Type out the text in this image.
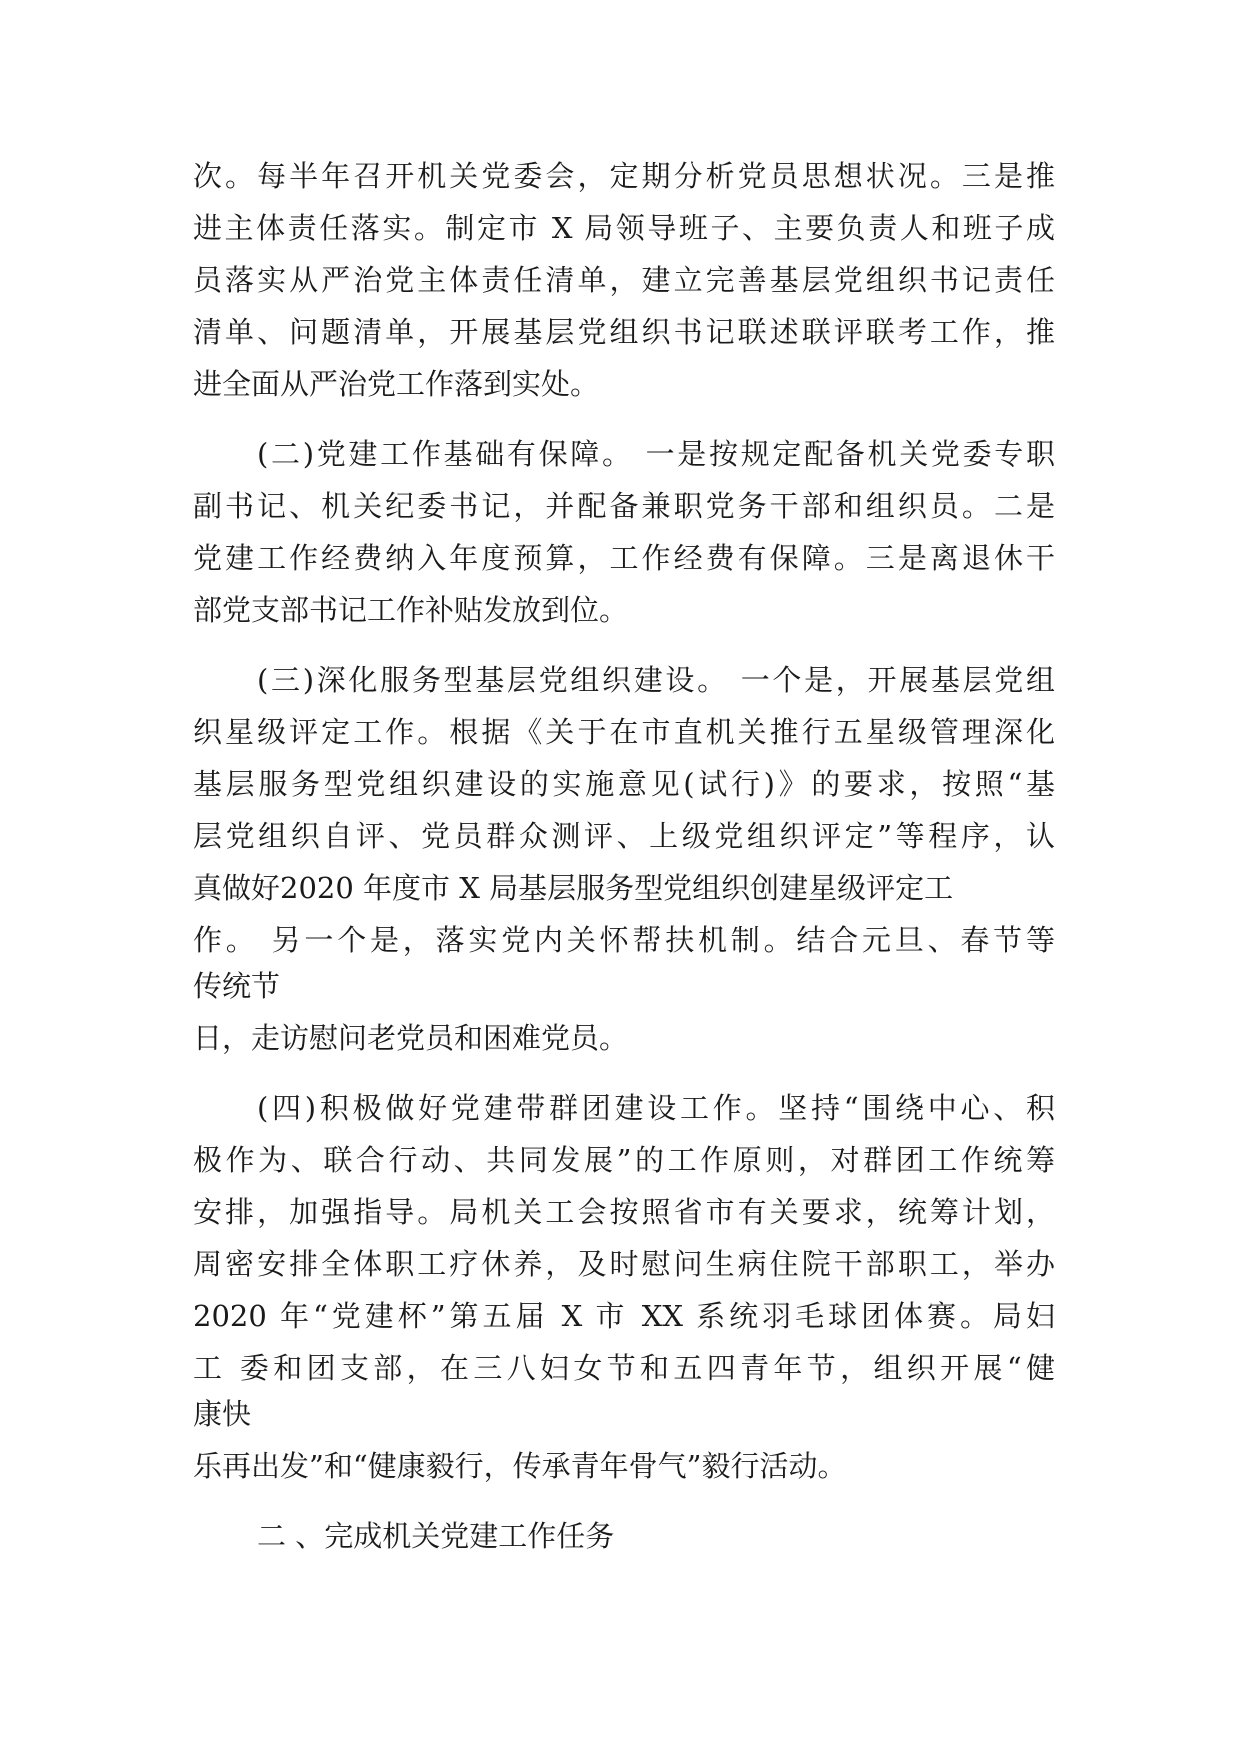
次。每半年召开机关党委会，定期分析党员思想状况。三是推
进主体责任落实。制定市 X 局领导班子、主要负责人和班子成
员落实从严治党主体责任清单，建立完善基层党组织书记责任
清单、问题清单，开展基层党组织书记联述联评联考工作，推
进全面从严治党工作落到实处。
(二)党建工作基础有保障。 一是按规定配备机关党委专职
副书记、机关纪委书记，并配备兼职党务干部和组织员。二是
党建工作经费纳入年度预算，工作经费有保障。三是离退休干
部党支部书记工作补贴发放到位。
(三)深化服务型基层党组织建设。 一个是，开展基层党组
织星级评定工作。根据《关于在市直机关推行五星级管理深化
基层服务型党组织建设的实施意见(试行)》的要求，按照“基
层党组织自评、党员群众测评、上级党组织评定”等程序，认
真做好2020 年度市 X 局基层服务型党组织创建星级评定工
作。 另一个是，落实党内关怀帮扶机制。结合元旦、春节等
传统节
日，走访慰问老党员和困难党员。
(四)积极做好党建带群团建设工作。坚持“围绕中心、积
极作为、联合行动、共同发展”的工作原则，对群团工作统筹
安排，加强指导。局机关工会按照省市有关要求，统筹计划，
周密安排全体职工疗休养，及时慰问生病住院干部职工，举办
2020 年“党建杯”第五届 X 市 XX 系统羽毛球团体赛。局妇
工 委和团支部，在三八妇女节和五四青年节，组织开展“健
康快
乐再出发”和“健康毅行，传承青年骨气”毅行活动。
二 、完成机关党建工作任务
